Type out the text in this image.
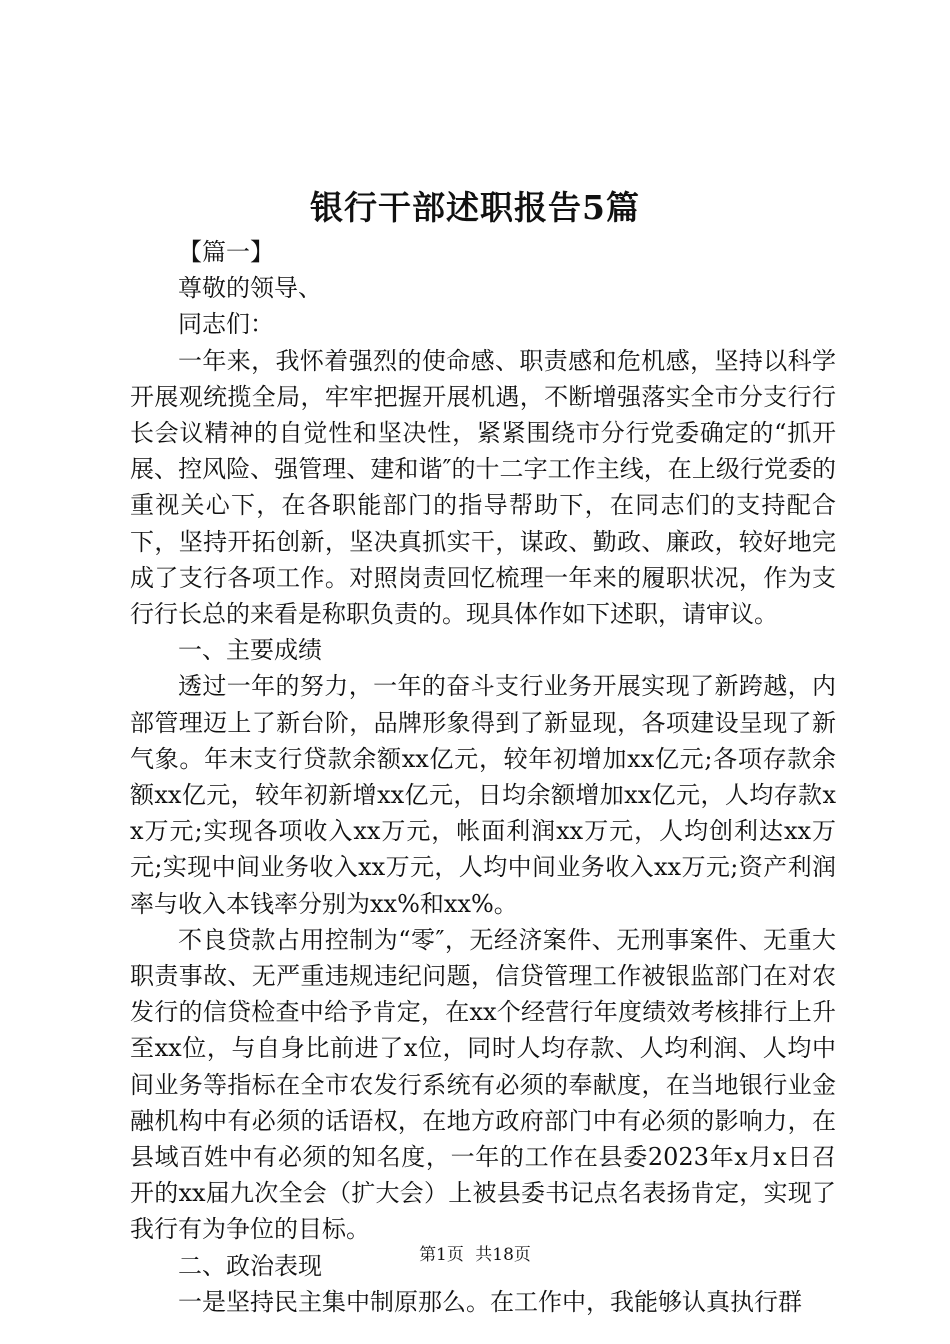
银行干部述职报告5篇

【篇一】

尊敬的领导、

同志们：

一年来，我怀着强烈的使命感、职责感和危机感，坚持以科学开展观统揽全局，牢牢把握开展机遇，不断增强落实全市分支行行长会议精神的自觉性和坚决性，紧紧围绕市分行党委确定的“抓开展、控风险、强管理、建和谐″的十二字工作主线，在上级行党委的重视关心下，在各职能部门的指导帮助下，在同志们的支持配合下，坚持开拓创新，坚决真抓实干，谋政、勤政、廉政，较好地完成了支行各项工作。对照岗责回忆梳理一年来的履职状况，作为支行行长总的来看是称职负责的。现具体作如下述职，请审议。

一、主要成绩

透过一年的努力，一年的奋斗支行业务开展实现了新跨越，内部管理迈上了新台阶，品牌形象得到了新显现，各项建设呈现了新气象。年末支行贷款余额xx亿元，较年初增加xx亿元;各项存款余额xx亿元，较年初新增xx亿元，日均余额增加xx亿元，人均存款xx万元;实现各项收入xx万元，帐面利润xx万元，人均创利达xx万元;实现中间业务收入xx万元，人均中间业务收入xx万元;资产利润率与收入本钱率分别为xx%和xx%。

不良贷款占用控制为“零″，无经济案件、无刑事案件、无重大职责事故、无严重违规违纪问题，信贷管理工作被银监部门在对农发行的信贷检查中给予肯定，在xx个经营行年度绩效考核排行上升至xx位，与自身比前进了x位，同时人均存款、人均利润、人均中间业务等指标在全市农发行系统有必须的奉献度，在当地银行业金融机构中有必须的话语权，在地方政府部门中有必须的影响力，在县域百姓中有必须的知名度，一年的工作在县委2023年x月x日召开的xx届九次全会（扩大会）上被县委书记点名表扬肯定，实现了我行有为争位的目标。

二、政治表现

一是坚持民主集中制原那么。在工作中，我能够认真执行群

第1页 共18页
